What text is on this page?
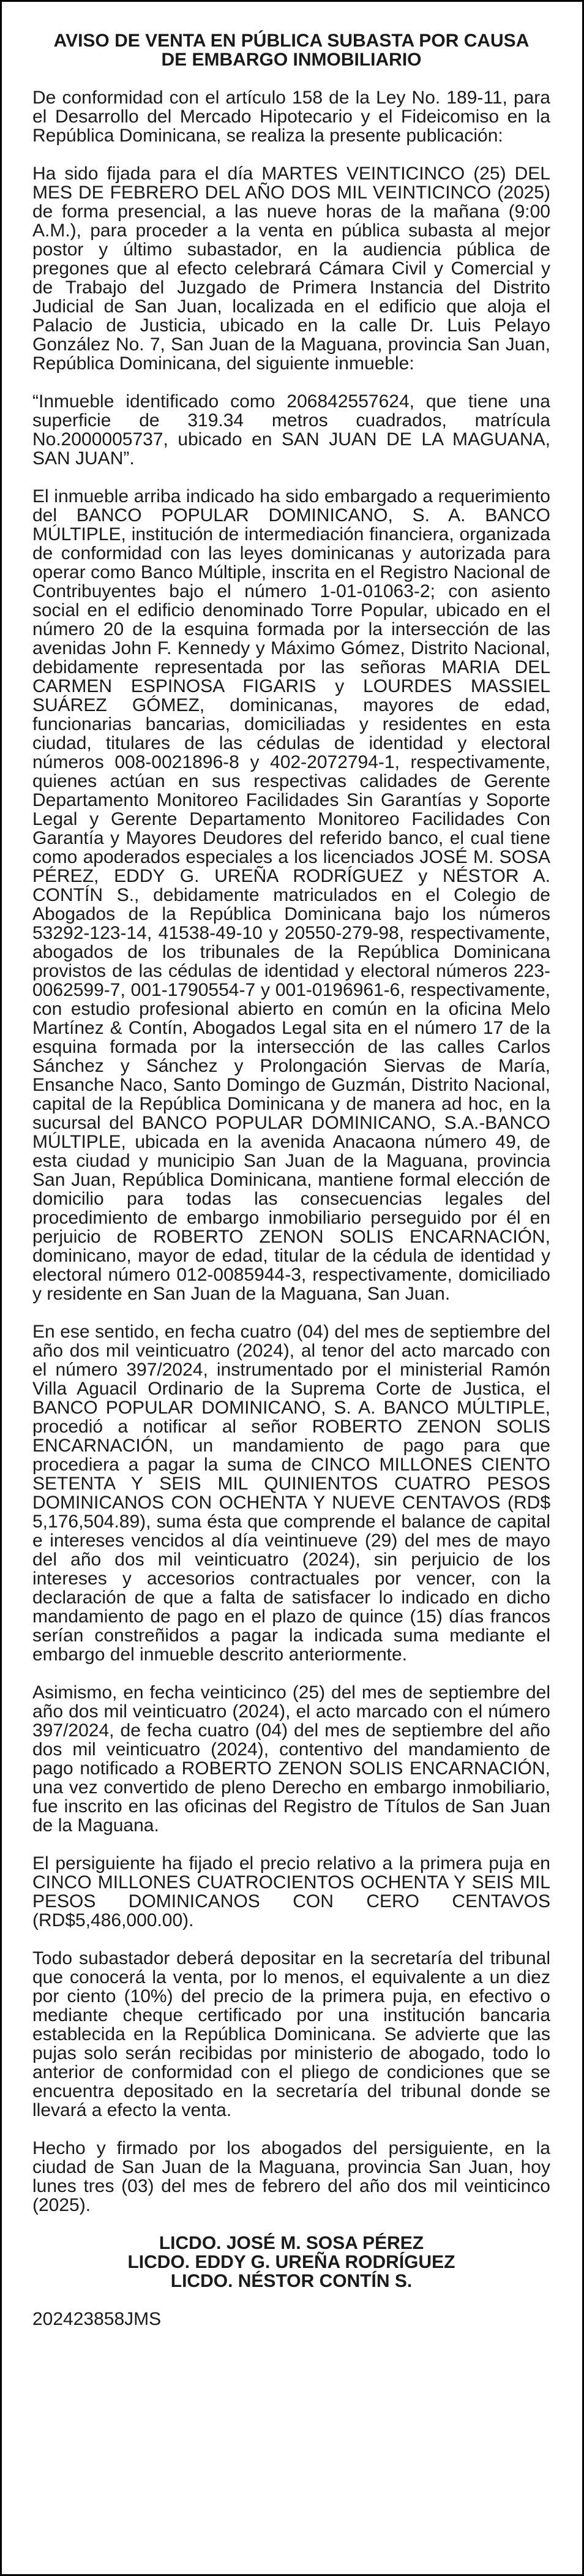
AVISO DE VENTA EN PÚBLICA SUBASTA POR CAUSA
DE EMBARGO INMOBILIARIO

De conformidad con el artículo 158 de la Ley No. 189-11, para el Desarrollo del Mercado Hipotecario y el Fideicomiso en la República Dominicana, se realiza la presente publicación:

Ha sido fijada para el día MARTES VEINTICINCO (25) DEL MES DE FEBRERO DEL AÑO DOS MIL VEINTICINCO (2025) de forma presencial, a las nueve horas de la mañana (9:00 A.M.), para proceder a la venta en pública subasta al mejor postor y último subastador, en la audiencia pública de pregones que al efecto celebrará Cámara Civil y Comercial y de Trabajo del Juzgado de Primera Instancia del Distrito Judicial de San Juan, localizada en el edificio que aloja el Palacio de Justicia, ubicado en la calle Dr. Luis Pelayo González No. 7, San Juan de la Maguana, provincia San Juan, República Dominicana, del siguiente inmueble:

“Inmueble identificado como 206842557624, que tiene una superficie de 319.34 metros cuadrados, matrícula No.2000005737, ubicado en SAN JUAN DE LA MAGUANA, SAN JUAN”.

El inmueble arriba indicado ha sido embargado a requerimiento del BANCO POPULAR DOMINICANO, S. A. BANCO MÚLTIPLE, institución de intermediación financiera, organizada de conformidad con las leyes dominicanas y autorizada para operar como Banco Múltiple, inscrita en el Registro Nacional de Contribuyentes bajo el número 1-01-01063-2; con asiento social en el edificio denominado Torre Popular, ubicado en el número 20 de la esquina formada por la intersección de las avenidas John F. Kennedy y Máximo Gómez, Distrito Nacional, debidamente representada por las señoras MARIA DEL CARMEN ESPINOSA FIGARIS y LOURDES MASSIEL SUÁREZ GÓMEZ, dominicanas, mayores de edad, funcionarias bancarias, domiciliadas y residentes en esta ciudad, titulares de las cédulas de identidad y electoral números 008-0021896-8 y 402-2072794-1, respectivamente, quienes actúan en sus respectivas calidades de Gerente Departamento Monitoreo Facilidades Sin Garantías y Soporte Legal y Gerente Departamento Monitoreo Facilidades Con Garantía y Mayores Deudores del referido banco, el cual tiene como apoderados especiales a los licenciados JOSÉ M. SOSA PÉREZ, EDDY G. UREÑA RODRÍGUEZ y NÉSTOR A. CONTÍN S., debidamente matriculados en el Colegio de Abogados de la República Dominicana bajo los números 53292-123-14, 41538-49-10 y 20550-279-98, respectivamente, abogados de los tribunales de la República Dominicana provistos de las cédulas de identidad y electoral números 223-0062599-7, 001-1790554-7 y 001-0196961-6, respectivamente, con estudio profesional abierto en común en la oficina Melo Martínez & Contín, Abogados Legal sita en el número 17 de la esquina formada por la intersección de las calles Carlos Sánchez y Sánchez y Prolongación Siervas de María, Ensanche Naco, Santo Domingo de Guzmán, Distrito Nacional, capital de la República Dominicana y de manera ad hoc, en la sucursal del BANCO POPULAR DOMINICANO, S.A.-BANCO MÚLTIPLE, ubicada en la avenida Anacaona número 49, de esta ciudad y municipio San Juan de la Maguana, provincia San Juan, República Dominicana, mantiene formal elección de domicilio para todas las consecuencias legales del procedimiento de embargo inmobiliario perseguido por él en perjuicio de ROBERTO ZENON SOLIS ENCARNACIÓN, dominicano, mayor de edad, titular de la cédula de identidad y electoral número 012-0085944-3, respectivamente, domiciliado y residente en San Juan de la Maguana, San Juan.

En ese sentido, en fecha cuatro (04) del mes de septiembre del año dos mil veinticuatro (2024), al tenor del acto marcado con el número 397/2024, instrumentado por el ministerial Ramón Villa Aguacil Ordinario de la Suprema Corte de Justica, el BANCO POPULAR DOMINICANO, S. A. BANCO MÚLTIPLE, procedió a notificar al señor ROBERTO ZENON SOLIS ENCARNACIÓN, un mandamiento de pago para que procediera a pagar la suma de CINCO MILLONES CIENTO SETENTA Y SEIS MIL QUINIENTOS CUATRO PESOS DOMINICANOS CON OCHENTA Y NUEVE CENTAVOS (RD$ 5,176,504.89), suma ésta que comprende el balance de capital e intereses vencidos al día veintinueve (29) del mes de mayo del año dos mil veinticuatro (2024), sin perjuicio de los intereses y accesorios contractuales por vencer, con la declaración de que a falta de satisfacer lo indicado en dicho mandamiento de pago en el plazo de quince (15) días francos serían constreñidos a pagar la indicada suma mediante el embargo del inmueble descrito anteriormente.

Asimismo, en fecha veinticinco (25) del mes de septiembre del año dos mil veinticuatro (2024), el acto marcado con el número 397/2024, de fecha cuatro (04) del mes de septiembre del año dos mil veinticuatro (2024), contentivo del mandamiento de pago notificado a ROBERTO ZENON SOLIS ENCARNACIÓN, una vez convertido de pleno Derecho en embargo inmobiliario, fue inscrito en las oficinas del Registro de Títulos de San Juan de la Maguana.

El persiguiente ha fijado el precio relativo a la primera puja en CINCO MILLONES CUATROCIENTOS OCHENTA Y SEIS MIL PESOS DOMINICANOS CON CERO CENTAVOS (RD$5,486,000.00).

Todo subastador deberá depositar en la secretaría del tribunal que conocerá la venta, por lo menos, el equivalente a un diez por ciento (10%) del precio de la primera puja, en efectivo o mediante cheque certificado por una institución bancaria establecida en la República Dominicana. Se advierte que las pujas solo serán recibidas por ministerio de abogado, todo lo anterior de conformidad con el pliego de condiciones que se encuentra depositado en la secretaría del tribunal donde se llevará a efecto la venta.

Hecho y firmado por los abogados del persiguiente, en la ciudad de San Juan de la Maguana, provincia San Juan, hoy lunes tres (03) del mes de febrero del año dos mil veinticinco (2025).

LICDO. JOSÉ M. SOSA PÉREZ
LICDO. EDDY G. UREÑA RODRÍGUEZ
LICDO. NÉSTOR CONTÍN S.

202423858JMS
